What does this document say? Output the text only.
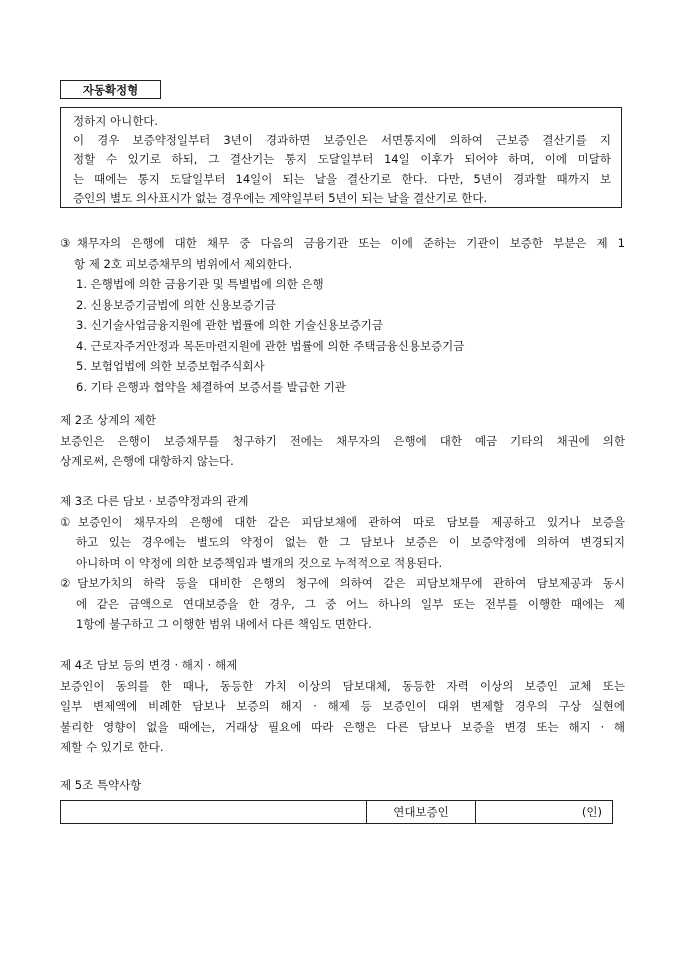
자동확정형
정하지 아니한다.
이 경우 보증약정일부터 3년이 경과하면 보증인은 서면통지에 의하여 근보증 결산기를 지
정할 수 있기로 하되, 그 결산기는 통지 도달일부터 14일 이후가 되어야 하며, 이에 미달하
는 때에는 통지 도달일부터 14일이 되는 날을 결산기로 한다. 다만, 5년이 경과할 때까지 보
증인의 별도 의사표시가 없는 경우에는 계약일부터 5년이 되는 날을 결산기로 한다.
③채무자의 은행에 대한 채무 중 다음의 금융기관 또는 이에 준하는 기관이 보증한 부분은 제 1
항 제 2호 피보증채무의 범위에서 제외한다.
1. 은행법에 의한 금융기관 및 특별법에 의한 은행
2. 신용보증기금법에 의한 신용보증기금
3. 신기술사업금융지원에 관한 법률에 의한 기술신용보증기금
4. 근로자주거안정과 목돈마련지원에 관한 법률에 의한 주택금융신용보증기금
5. 보험업법에 의한 보증보험주식회사
6. 기타 은행과 협약을 체결하여 보증서를 발급한 기관
제 2조 상계의 제한
보증인은 은행이 보증채무를 청구하기 전에는 채무자의 은행에 대한 예금 기타의 채권에 의한
상계로써, 은행에 대항하지 않는다.
제 3조 다른 담보 · 보증약정과의 관계
①보증인이 채무자의 은행에 대한 같은 피담보채에 관하여 따로 담보를 제공하고 있거나 보증을
하고 있는 경우에는 별도의 약정이 없는 한 그 담보나 보증은 이 보증약정에 의하여 변경되지
아니하며 이 약정에 의한 보증책임과 별개의 것으로 누적적으로 적용된다.
②담보가치의 하락 등을 대비한 은행의 청구에 의하여 같은 피담보채무에 관하여 담보제공과 동시
에 같은 금액으로 연대보증을 한 경우, 그 중 어느 하나의 일부 또는 전부를 이행한 때에는 제
1항에 불구하고 그 이행한 범위 내에서 다른 책임도 면한다.
제 4조 담보 등의 변경 · 해지 · 해제
보증인이 동의를 한 때나, 동등한 가치 이상의 담보대체, 동등한 자력 이상의 보증인 교체 또는
일부 변제액에 비례한 담보나 보증의 해지 · 해제 등 보증인이 대위 변제할 경우의 구상 실현에
불리한 영향이 없을 때에는, 거래상 필요에 따라 은행은 다른 담보나 보증을 변경 또는 해지 · 해
제할 수 있기로 한다.
제 5조 특약사항
	연대보증인	(인)
